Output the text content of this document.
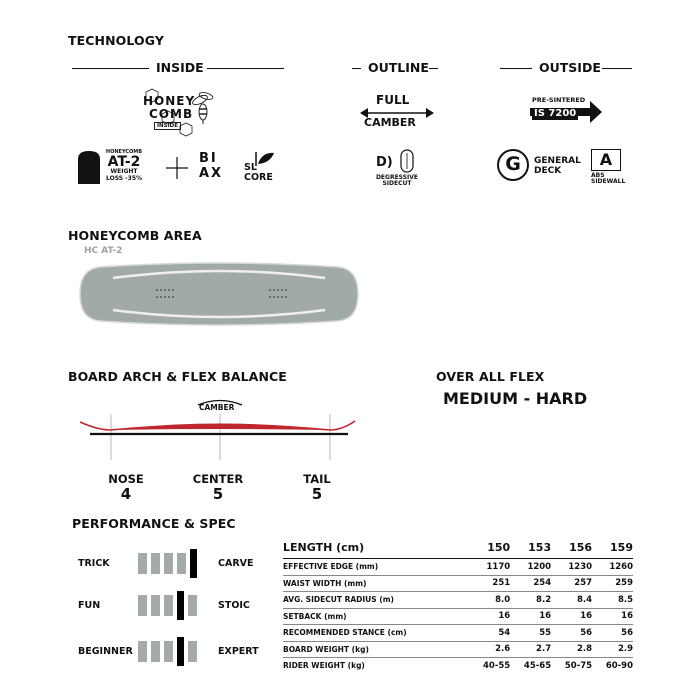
TECHNOLOGY
INSIDE	OUTLINE	OUTSIDE
HONEY
COMB
INSIDE
HONEYCOMB
AT-2
WEIGHT
LOSS -35%
BI
AX SL
CORE
FULL
CAMBER
D)
DEGRESSIVE
SIDECUT
PRE-SINTERED
IS 7200
G	GENERAL
DECK
A
ABS
SIDEWALL
HONEYCOMB AREA
HC AT-2
BOARD ARCH & FLEX BALANCE
CAMBER
NOSE
4
CENTER
5
TAIL
5
OVER ALL FLEX
MEDIUM - HARD
PERFORMANCE & SPEC
TRICK	CARVE
FUN	STOIC
BEGINNER	EXPERT
LENGTH (cm)	150	153	156	159
EFFECTIVE EDGE (mm)	1170	1200	1230	1260
WAIST WIDTH (mm)	251	254	257	259
AVG. SIDECUT RADIUS (m)	8.0	8.2	8.4	8.5
SETBACK (mm)	16	16	16	16
RECOMMENDED STANCE (cm)	54	55	56	56
BOARD WEIGHT (kg)	2.6	2.7	2.8	2.9
RIDER WEIGHT (kg)	40-55	45-65	50-75	60-90
